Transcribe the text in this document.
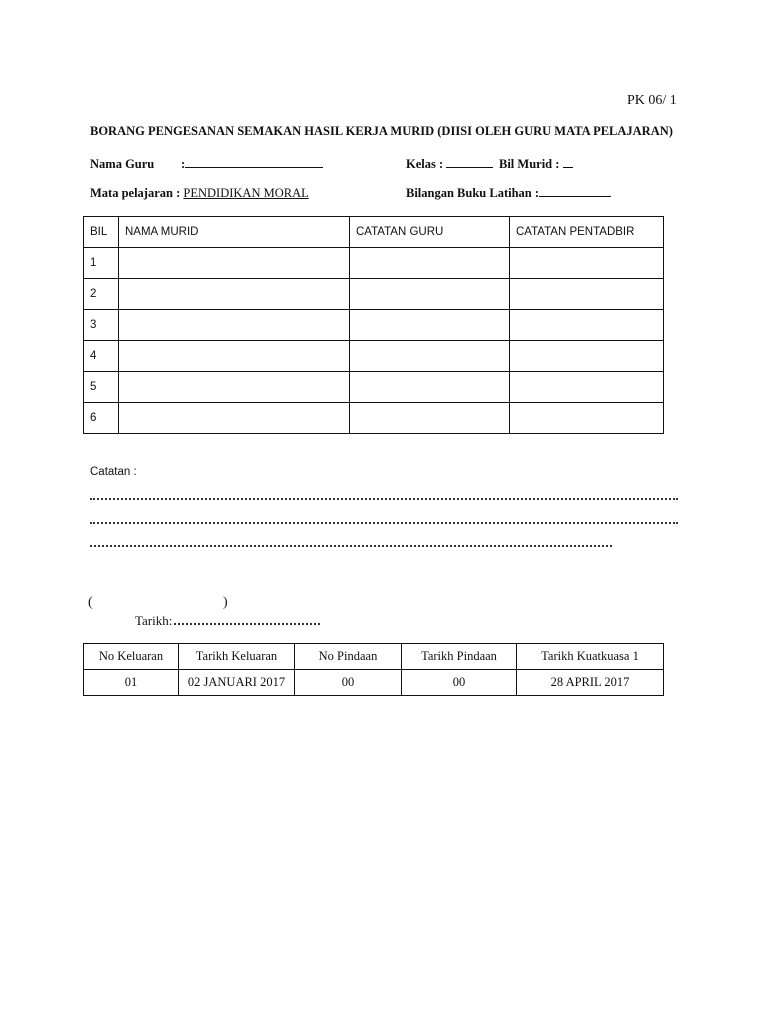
PK 06/ 1
BORANG PENGESANAN SEMAKAN HASIL KERJA MURID (DIISI OLEH GURU MATA PELAJARAN)
Nama Guru :	Kelas :	Bil Murid :
Mata pelajaran : PENDIDIKAN MORAL	Bilangan Buku Latihan :
BIL	NAMA MURID	CATATAN GURU	CATATAN PENTADBIR
1			
2			
3			
4			
5			
6			
Catatan :
(	)
Tarikh:
No Keluaran	Tarikh Keluaran	No Pindaan	Tarikh Pindaan	Tarikh Kuatkuasa 1
01	02 JANUARI 2017	00	00	28 APRIL 2017
